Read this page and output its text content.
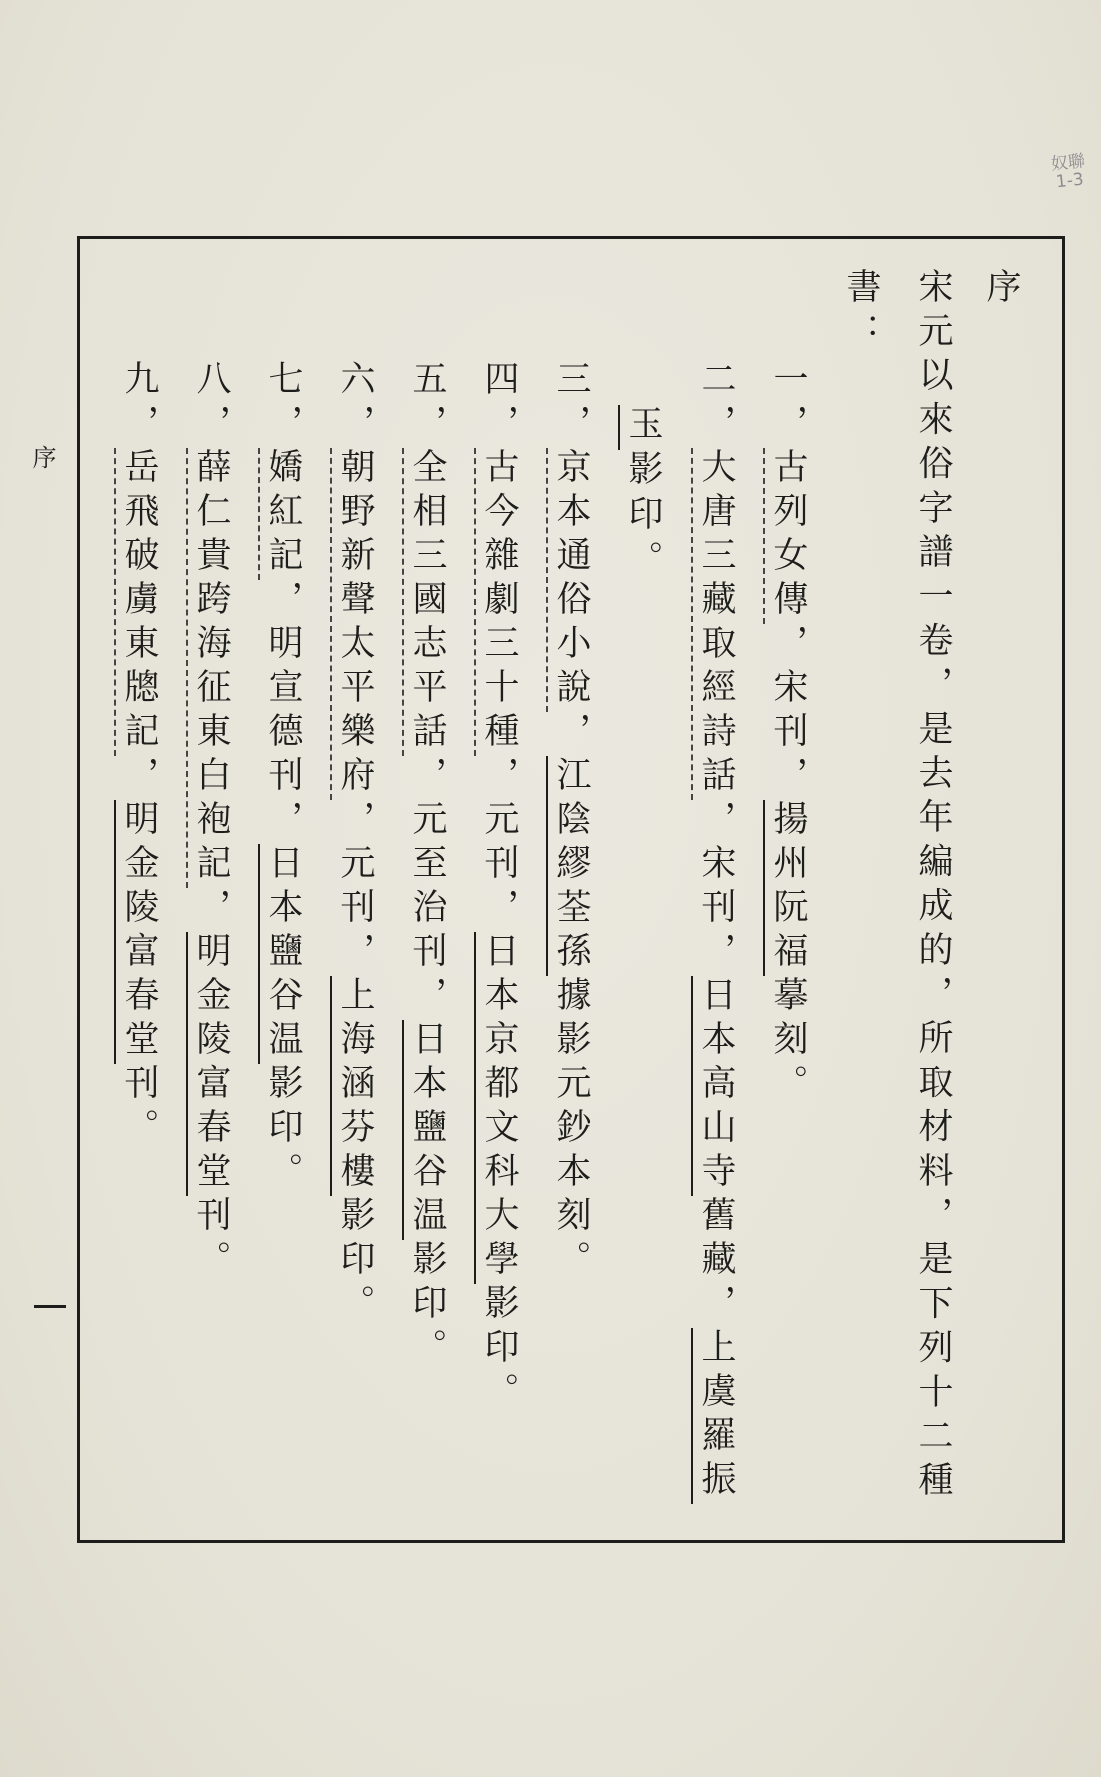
序
奴聯
1-3
序
宋元以來俗字譜一卷，是去年編成的，所取材料，是下列十二種
書：
一，古列女傳，宋刊，揚州阮福摹刻。
二，大唐三藏取經詩話，宋刊，日本高山寺舊藏，上虞羅振
玉影印。
三，京本通俗小說，江陰繆荃孫據影元鈔本刻。
四，古今雜劇三十種，元刊，日本京都文科大學影印。
五，全相三國志平話，元至治刊，日本鹽谷温影印。
六，朝野新聲太平樂府，元刊，上海涵芬樓影印。
七，嬌紅記，明宣德刊，日本鹽谷温影印。
八，薛仁貴跨海征東白袍記，明金陵富春堂刊。
九，岳飛破虜東牕記，明金陵富春堂刊。
